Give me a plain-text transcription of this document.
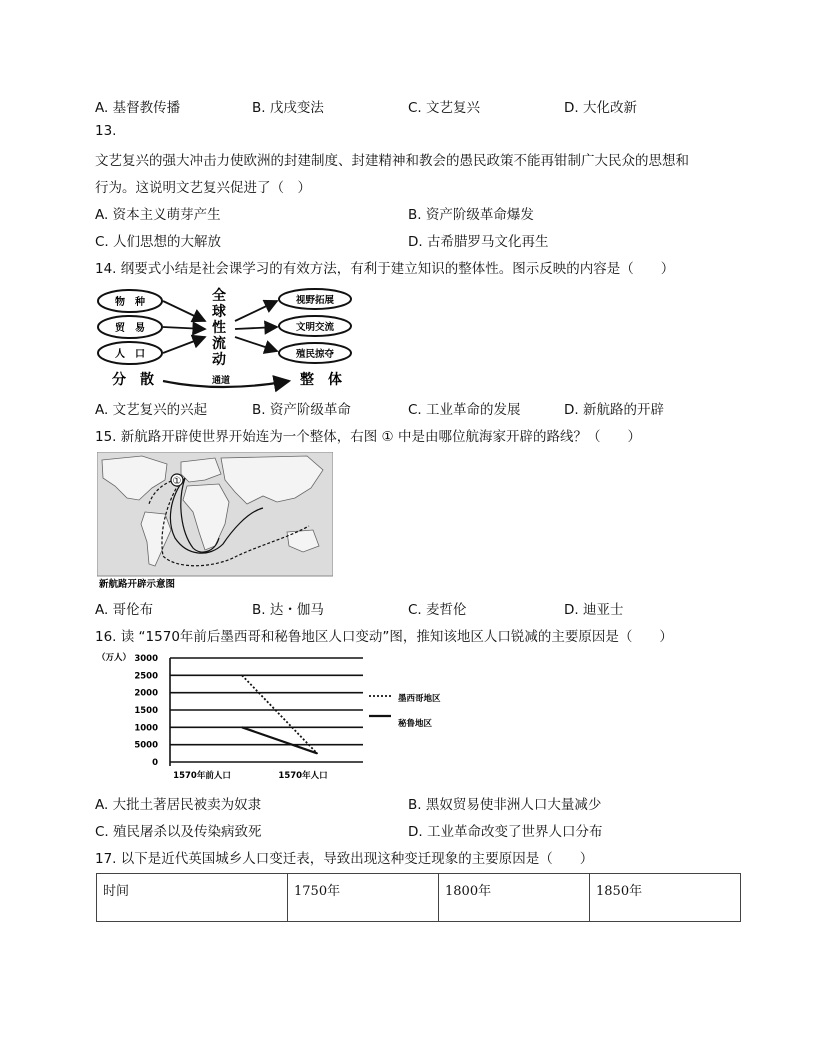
A. 基督教传播	B. 戊戌变法	C. 文艺复兴	D. 大化改新
13.
文艺复兴的强大冲击力使欧洲的封建制度、封建精神和教会的愚民政策不能再钳制广大民众的思想和
行为。这说明文艺复兴促进了（　）
A. 资本主义萌芽产生	B. 资产阶级革命爆发
C. 人们思想的大解放	D. 古希腊罗马文化再生
14. 纲要式小结是社会课学习的有效方法，有利于建立知识的整体性。图示反映的内容是（　　）
物　种
贸　易
人　口
全
球
性
流
动
视野拓展
文明交流
殖民掠夺
分　散	通道	整　体
A. 文艺复兴的兴起	B. 资产阶级革命	C. 工业革命的发展	D. 新航路的开辟
15. 新航路开辟使世界开始连为一个整体，右图 ① 中是由哪位航海家开辟的路线？（　　）
①
新航路开辟示意图
A. 哥伦布	B. 达・伽马	C. 麦哲伦	D. 迪亚士
16. 读 “1570年前后墨西哥和秘鲁地区人口变动”图，推知该地区人口锐减的主要原因是（　　）
（万人） 3000
2500
2000
1500
1000
5000
0
1570年前人口	1570年人口
墨西哥地区
秘鲁地区
A. 大批土著居民被卖为奴隶	B. 黑奴贸易使非洲人口大量减少
C. 殖民屠杀以及传染病致死	D. 工业革命改变了世界人口分布
17. 以下是近代英国城乡人口变迁表，导致出现这种变迁现象的主要原因是（　　）
时间	1750年	1800年	1850年
